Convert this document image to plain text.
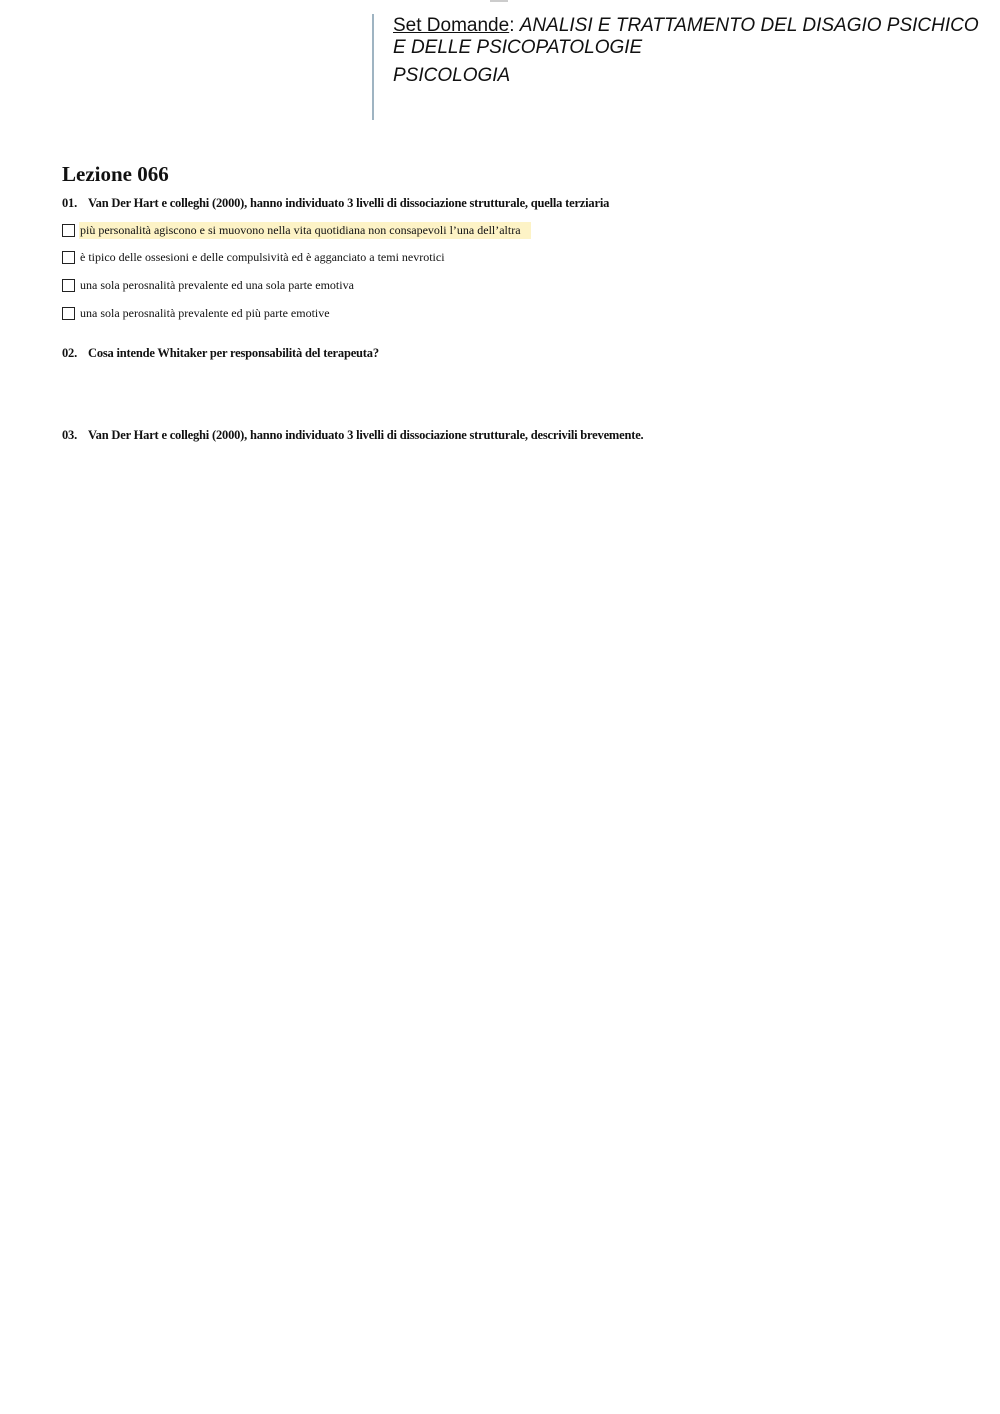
Set Domande: ANALISI E TRATTAMENTO DEL DISAGIO PSICHICO E DELLE PSICOPATOLOGIE
PSICOLOGIA
Lezione 066
01. Van Der Hart e colleghi (2000), hanno individuato 3 livelli di dissociazione strutturale, quella terziaria
più personalità agiscono e si muovono nella vita quotidiana non consapevoli l’una dell’altra
è tipico delle ossesioni e delle compulsività ed è agganciato a temi nevrotici
una sola perosnalità prevalente ed una sola parte emotiva
una sola perosnalità prevalente ed più parte emotive
02. Cosa intende Whitaker per responsabilità del terapeuta?
03. Van Der Hart e colleghi (2000), hanno individuato 3 livelli di dissociazione strutturale, descrivili brevemente.
